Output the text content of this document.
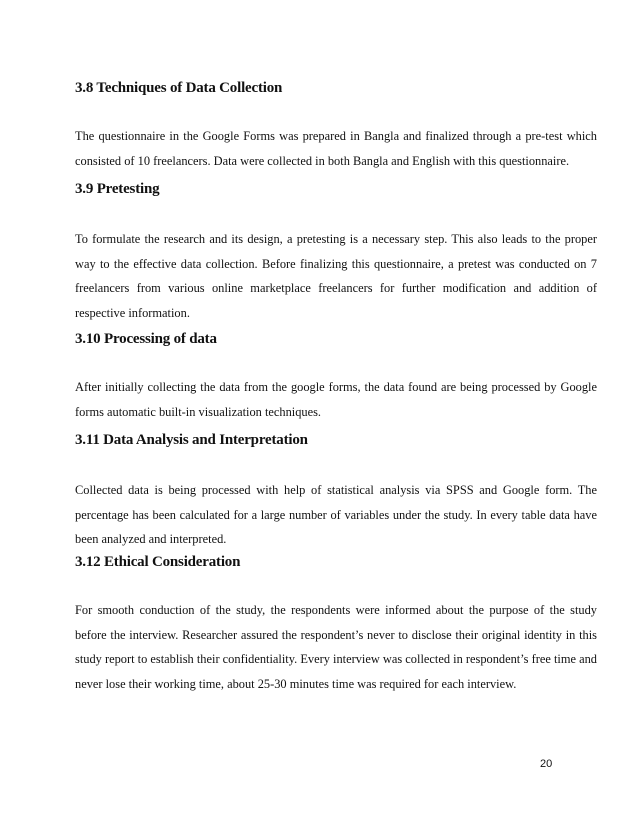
3.8 Techniques of Data Collection

The questionnaire in the Google Forms was prepared in Bangla and finalized through a pre-test which consisted of 10 freelancers. Data were collected in both Bangla and English with this questionnaire.

3.9 Pretesting

To formulate the research and its design, a pretesting is a necessary step. This also leads to the proper way to the effective data collection. Before finalizing this questionnaire, a pretest was conducted on 7 freelancers from various online marketplace freelancers for further modification and addition of respective information.

3.10 Processing of data

After initially collecting the data from the google forms, the data found are being processed by Google forms automatic built-in visualization techniques.

3.11 Data Analysis and Interpretation

Collected data is being processed with help of statistical analysis via SPSS and Google form. The percentage has been calculated for a large number of variables under the study. In every table data have been analyzed and interpreted.

3.12 Ethical Consideration

For smooth conduction of the study, the respondents were informed about the purpose of the study before the interview. Researcher assured the respondent’s never to disclose their original identity in this study report to establish their confidentiality. Every interview was collected in respondent’s free time and never lose their working time, about 25-30 minutes time was required for each interview.

20
